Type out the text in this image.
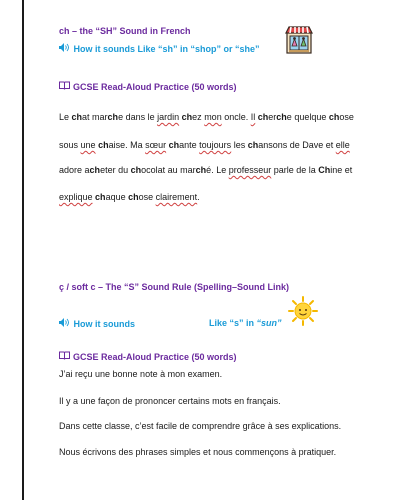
ch – the “SH” Sound in French
How it sounds Like “sh” in “shop” or “she”
GCSE Read-Aloud Practice (50 words)
Le chat marche dans le jardin chez mon oncle. Il cherche quelque chose
sous une chaise. Ma sœur chante toujours les chansons de Dave et elle
adore acheter du chocolat au marché. Le professeur parle de la Chine et
explique chaque chose clairement.
ç / soft c – The “S” Sound Rule (Spelling–Sound Link)
How it sounds	Like “s” in “sun”
GCSE Read-Aloud Practice (50 words)
J’ai reçu une bonne note à mon examen.
Il y a une façon de prononcer certains mots en français.
Dans cette classe, c’est facile de comprendre grâce à ses explications.
Nous écrivons des phrases simples et nous commençons à pratiquer.
